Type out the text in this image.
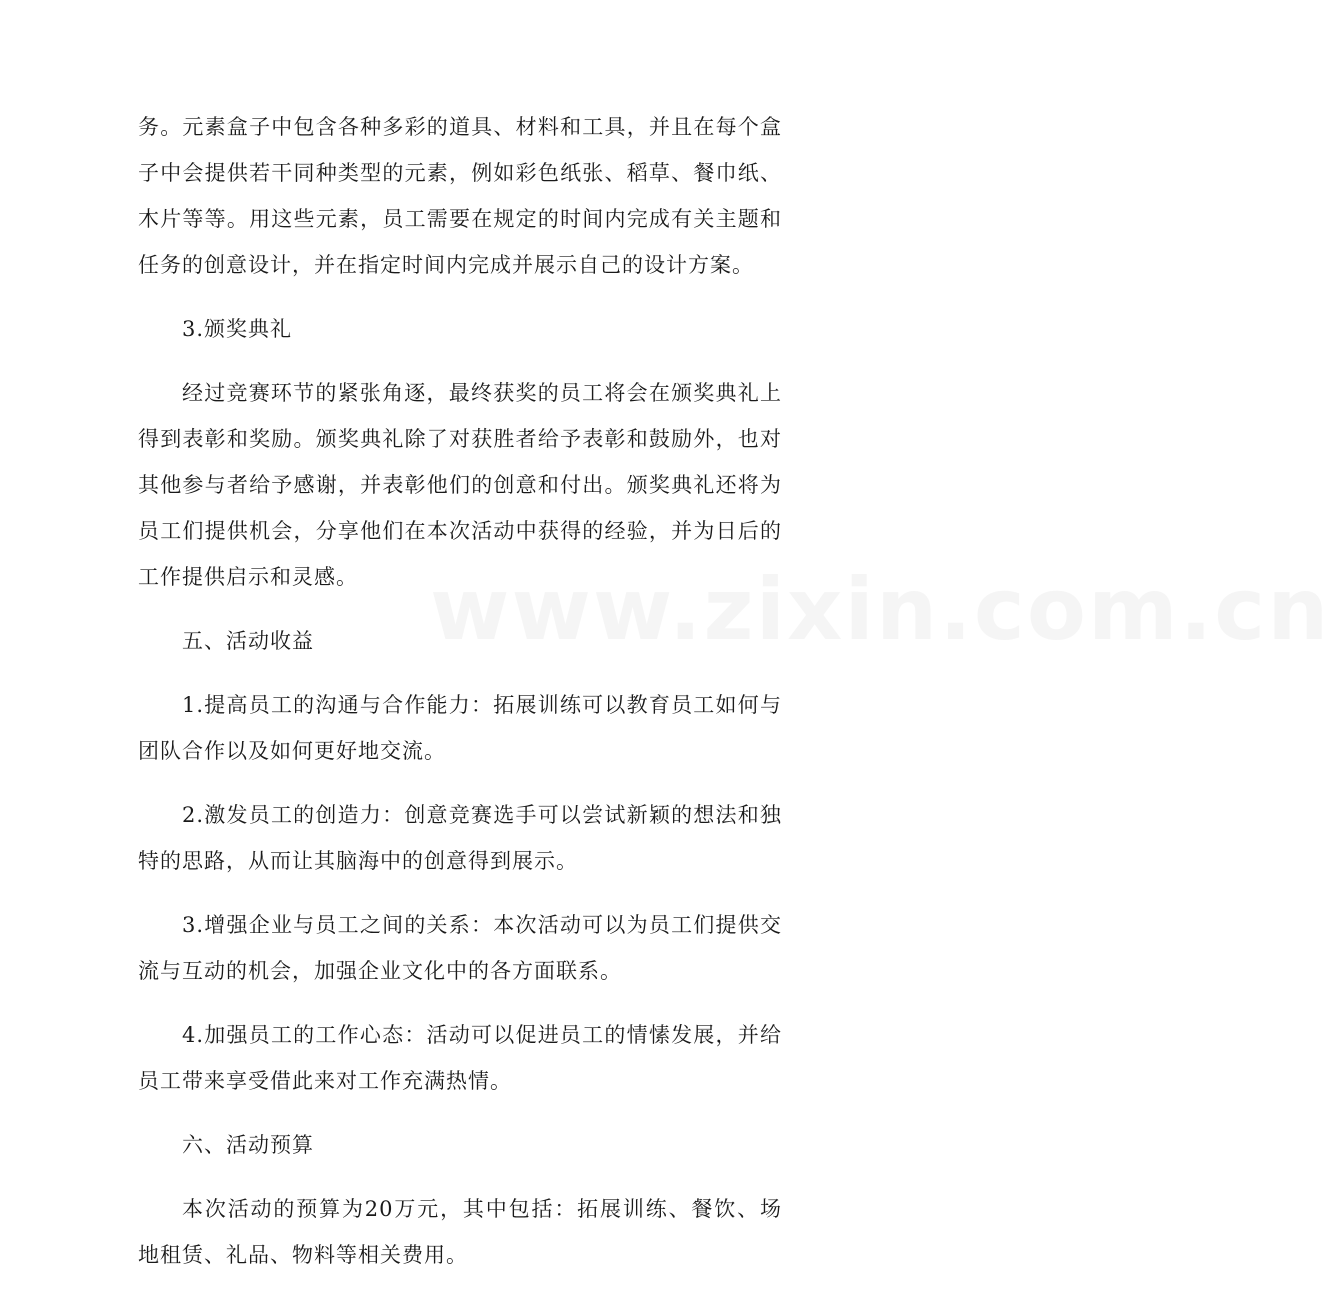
务。元素盒子中包含各种多彩的道具、材料和工具，并且在每个盒子中会提供若干同种类型的元素，例如彩色纸张、稻草、餐巾纸、木片等等。用这些元素，员工需要在规定的时间内完成有关主题和任务的创意设计，并在指定时间内完成并展示自己的设计方案。

3.颁奖典礼

经过竞赛环节的紧张角逐，最终获奖的员工将会在颁奖典礼上得到表彰和奖励。颁奖典礼除了对获胜者给予表彰和鼓励外，也对其他参与者给予感谢，并表彰他们的创意和付出。颁奖典礼还将为员工们提供机会，分享他们在本次活动中获得的经验，并为日后的工作提供启示和灵感。

五、活动收益

1.提高员工的沟通与合作能力：拓展训练可以教育员工如何与团队合作以及如何更好地交流。

2.激发员工的创造力：创意竞赛选手可以尝试新颖的想法和独特的思路，从而让其脑海中的创意得到展示。

3.增强企业与员工之间的关系：本次活动可以为员工们提供交流与互动的机会，加强企业文化中的各方面联系。

4.加强员工的工作心态：活动可以促进员工的情愫发展，并给员工带来享受借此来对工作充满热情。

六、活动预算

本次活动的预算为20万元，其中包括：拓展训练、餐饮、场地租赁、礼品、物料等相关费用。

www.zixin.com.cn
